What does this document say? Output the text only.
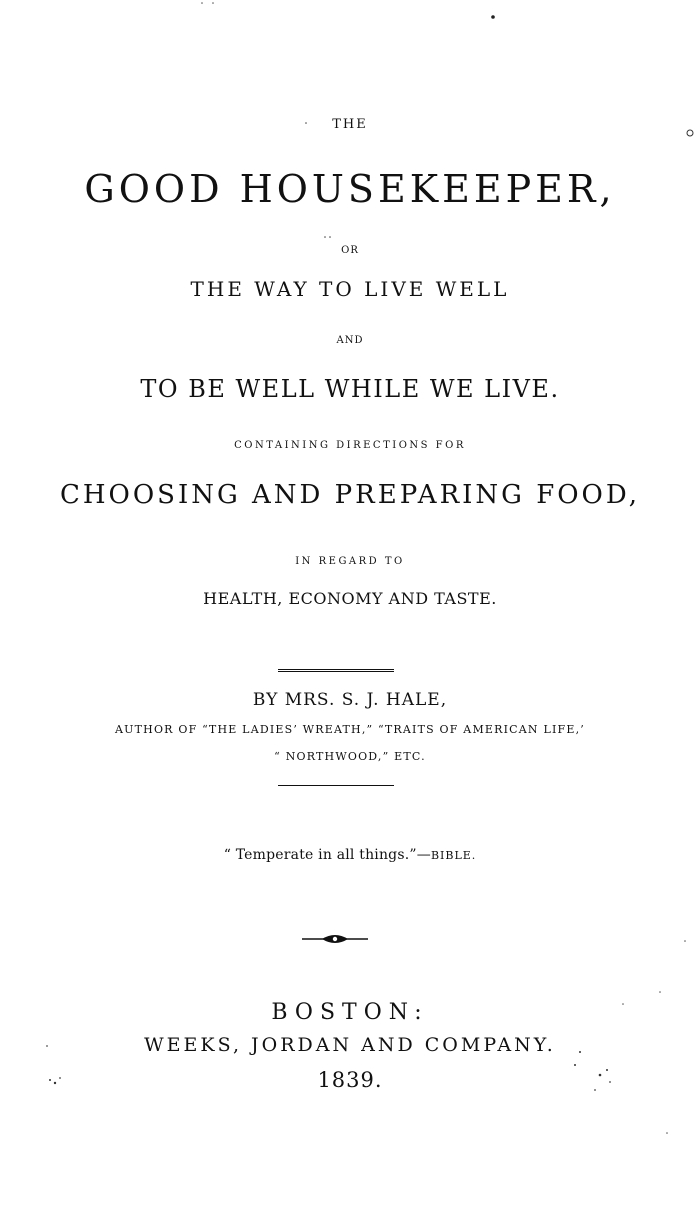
THE
GOOD HOUSEKEEPER,
OR
THE WAY TO LIVE WELL
AND
TO BE WELL WHILE WE LIVE.
CONTAINING DIRECTIONS FOR
CHOOSING AND PREPARING FOOD,
IN REGARD TO
HEALTH, ECONOMY AND TASTE.
BY MRS. S. J. HALE,
AUTHOR OF “THE LADIES’ WREATH,” “TRAITS OF AMERICAN LIFE,’
“ NORTHWOOD,” ETC.
“ Temperate in all things.”—BIBLE.
BOSTON:
WEEKS, JORDAN AND COMPANY.
1839.
